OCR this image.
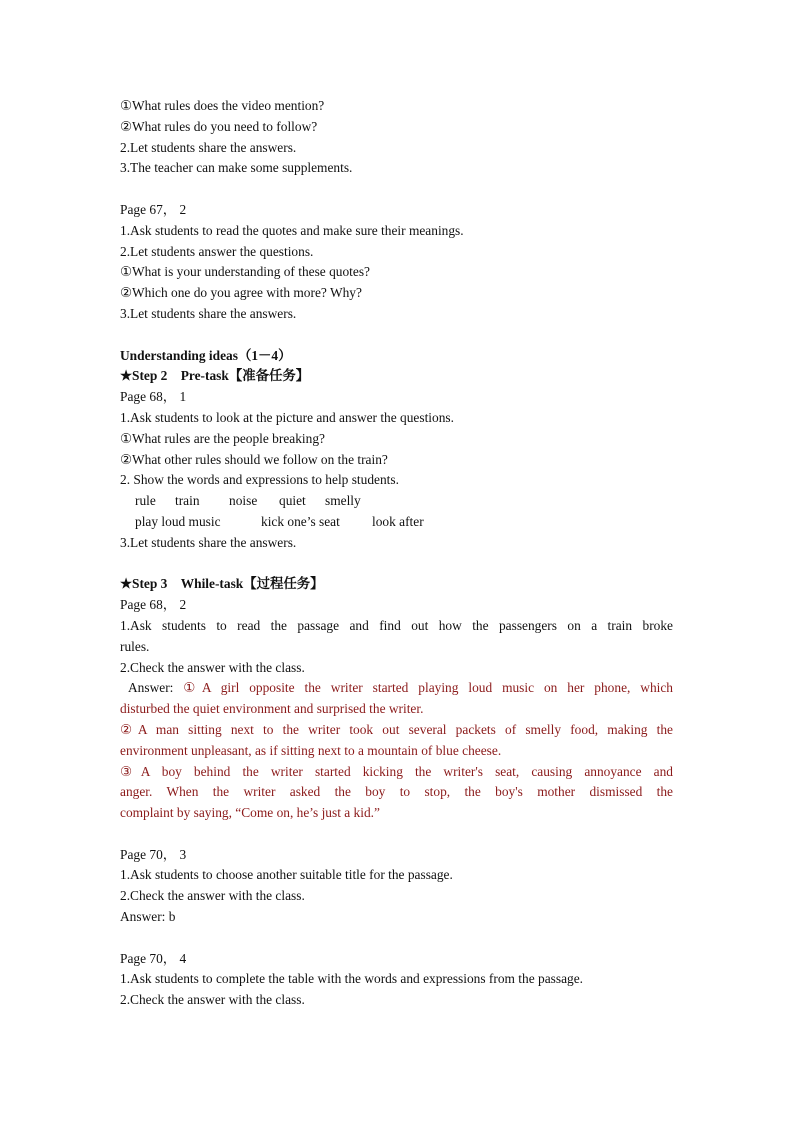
①What rules does the video mention?
②What rules do you need to follow?
2.Let students share the answers.
3.The teacher can make some supplements.
Page 67， 2
1.Ask students to read the quotes and make sure their meanings.
2.Let students answer the questions.
①What is your understanding of these quotes?
②Which one do you agree with more? Why?
3.Let students share the answers.
Understanding ideas（1－4）
★Step 2　Pre-task【准备任务】
Page 68， 1
1.Ask students to look at the picture and answer the questions.
①What rules are the people breaking?
②What other rules should we follow on the train?
2. Show the words and expressions to help students.
rule train noise quiet smelly
play loud music	kick one’s seat look after
3.Let students share the answers.
★Step 3　While-task【过程任务】
Page 68， 2
1.Ask students to read the passage and find out how the passengers on a train broke
rules.
2.Check the answer with the class.
Answer: ①A girl opposite the writer started playing loud music on her phone, which
disturbed the quiet environment and surprised the writer.
②A man sitting next to the writer took out several packets of smelly food, making the
environment unpleasant, as if sitting next to a mountain of blue cheese.
③A boy behind the writer started kicking the writer's seat, causing annoyance and
anger. When the writer asked the boy to stop, the boy's mother dismissed the
complaint by saying, “Come on, he’s just a kid.”
Page 70， 3
1.Ask students to choose another suitable title for the passage.
2.Check the answer with the class.
Answer: b
Page 70， 4
1.Ask students to complete the table with the words and expressions from the passage.
2.Check the answer with the class.
